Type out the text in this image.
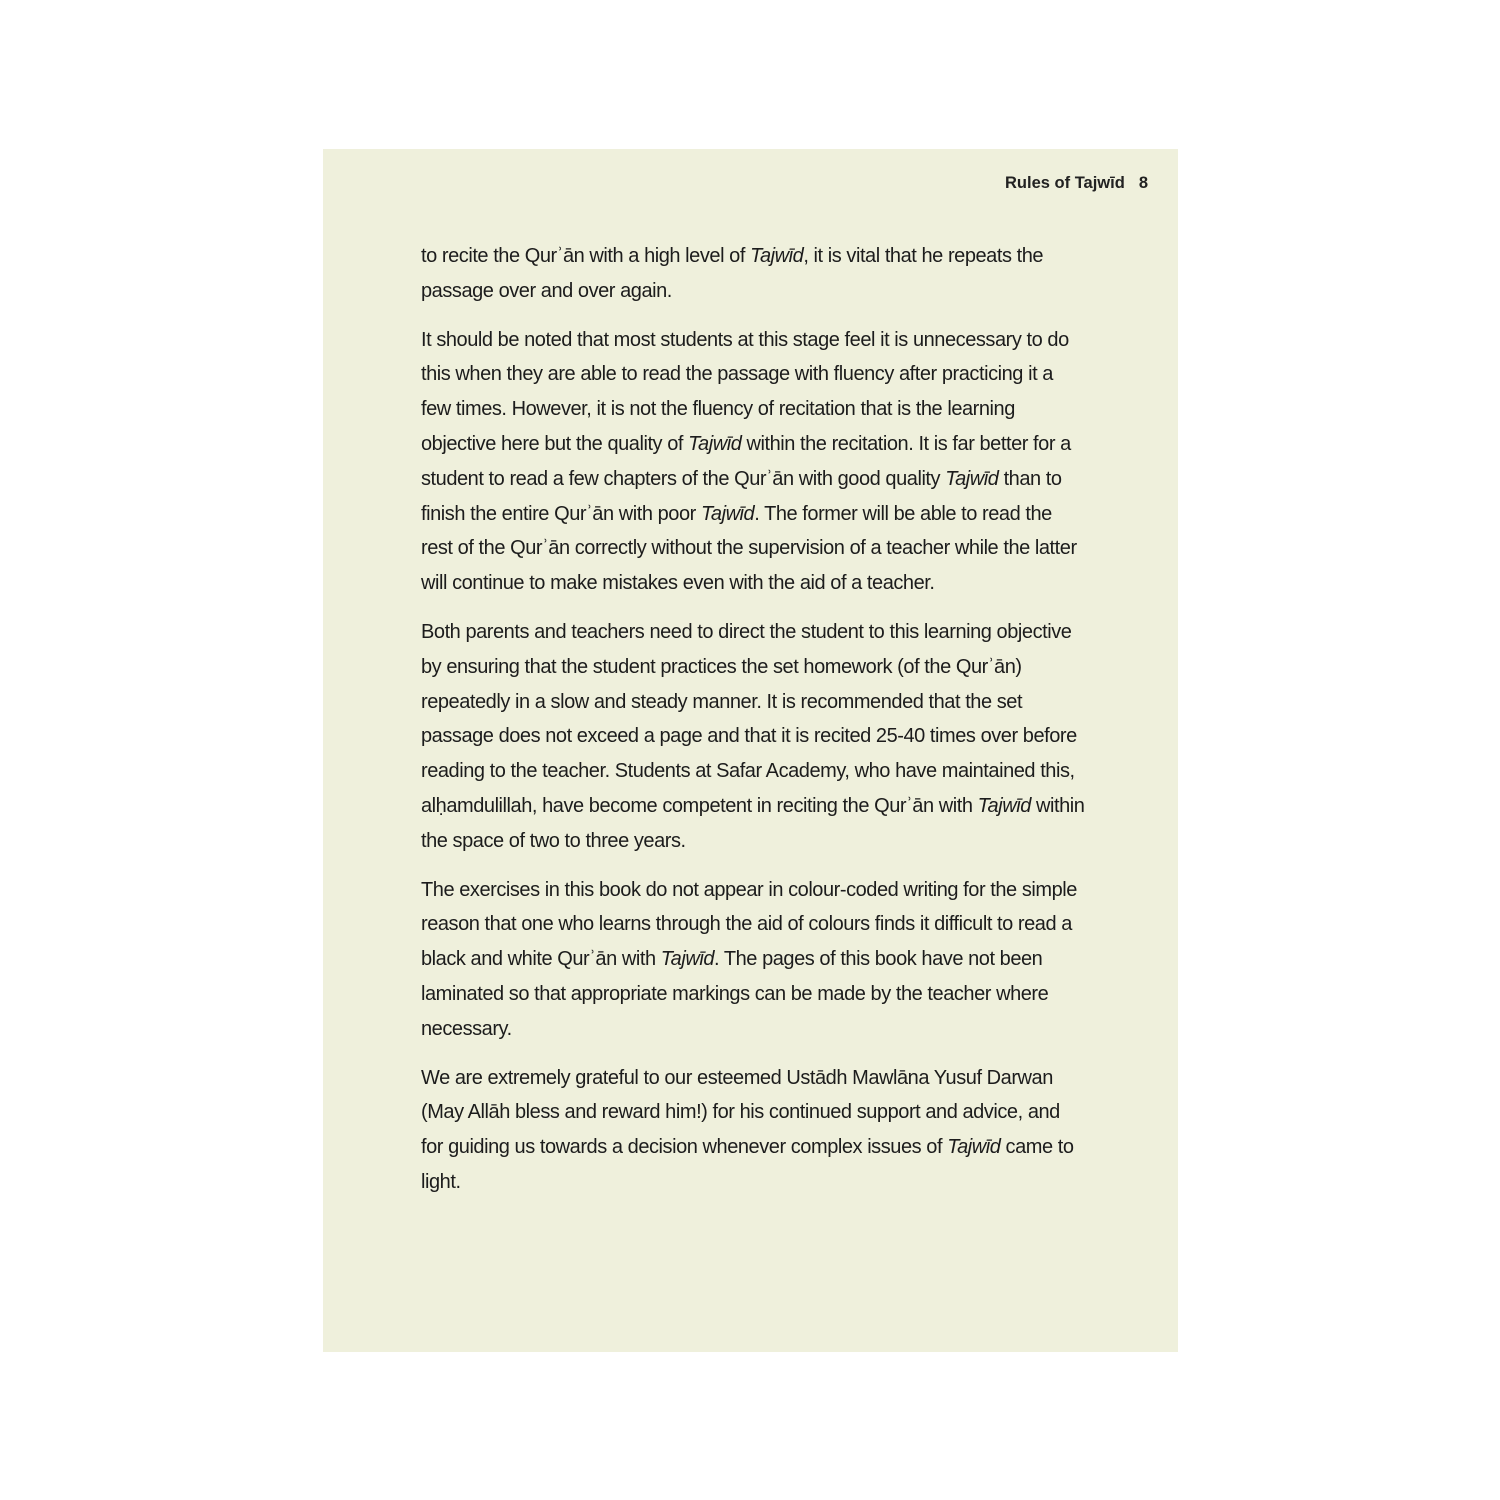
Rules of Tajwīd 8

to recite the Qurʾān with a high level of Tajwīd, it is vital that he repeats the passage over and over again.

It should be noted that most students at this stage feel it is unnecessary to do this when they are able to read the passage with fluency after practicing it a few times. However, it is not the fluency of recitation that is the learning objective here but the quality of Tajwīd within the recitation. It is far better for a student to read a few chapters of the Qurʾān with good quality Tajwīd than to finish the entire Qurʾān with poor Tajwīd. The former will be able to read the rest of the Qurʾān correctly without the supervision of a teacher while the latter will continue to make mistakes even with the aid of a teacher.

Both parents and teachers need to direct the student to this learning objective by ensuring that the student practices the set homework (of the Qurʾān) repeatedly in a slow and steady manner. It is recommended that the set passage does not exceed a page and that it is recited 25-40 times over before reading to the teacher. Students at Safar Academy, who have maintained this, alḥamdulillah, have become competent in reciting the Qurʾān with Tajwīd within the space of two to three years.

The exercises in this book do not appear in colour-coded writing for the simple reason that one who learns through the aid of colours finds it difficult to read a black and white Qurʾān with Tajwīd. The pages of this book have not been laminated so that appropriate markings can be made by the teacher where necessary.

We are extremely grateful to our esteemed Ustādh Mawlāna Yusuf Darwan (May Allāh bless and reward him!) for his continued support and advice, and for guiding us towards a decision whenever complex issues of Tajwīd came to light.
